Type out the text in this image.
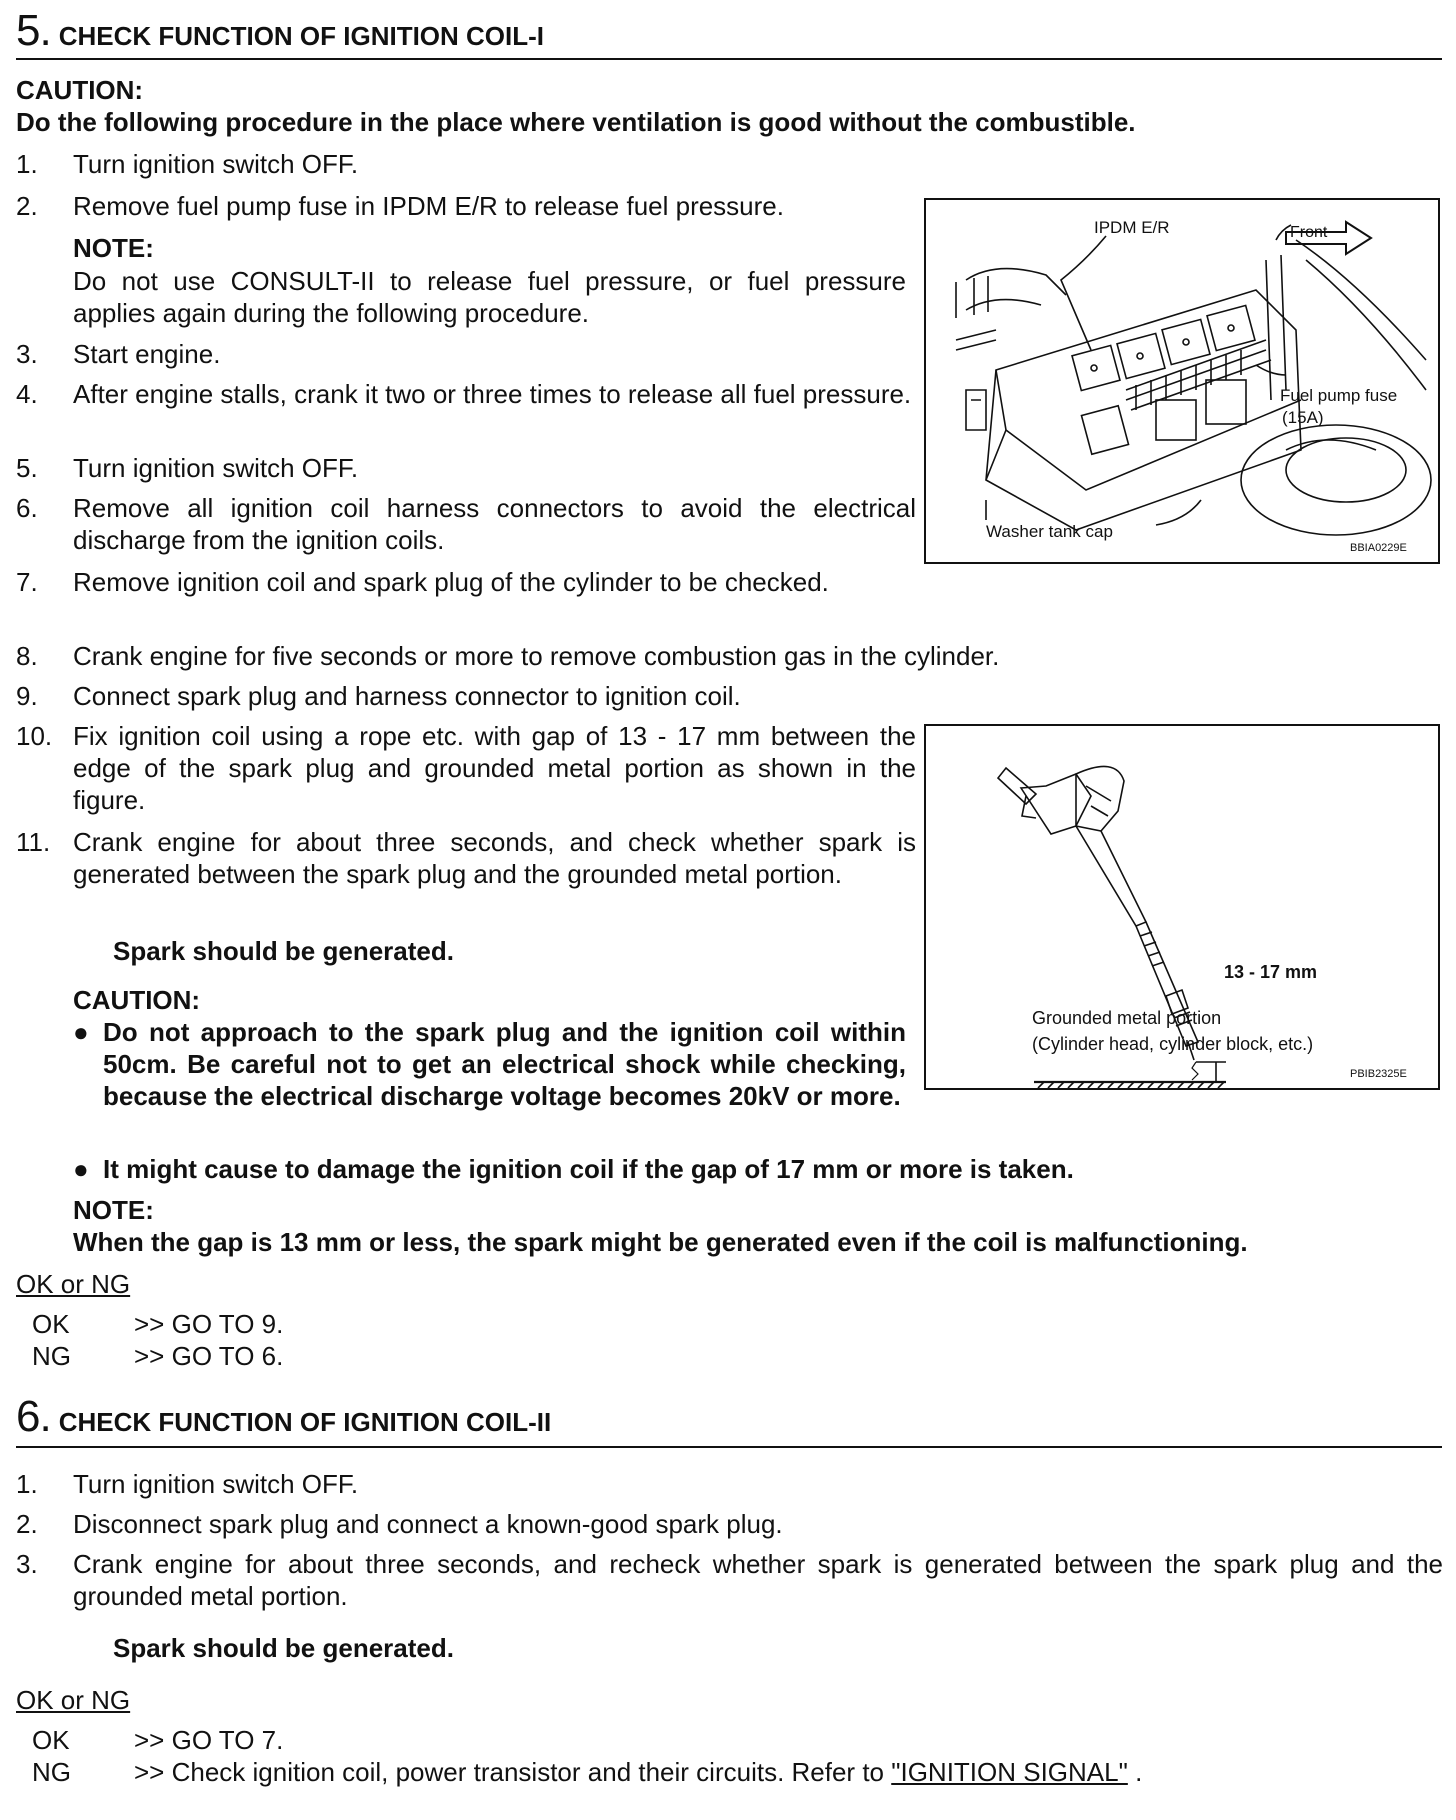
5. CHECK FUNCTION OF IGNITION COIL-I
CAUTION:
Do the following procedure in the place where ventilation is good without the combustible.
1. Turn ignition switch OFF.
2. Remove fuel pump fuse in IPDM E/R to release fuel pressure.
NOTE:
Do not use CONSULT-II to release fuel pressure, or fuel pressure applies again during the following procedure.
3. Start engine.
4. After engine stalls, crank it two or three times to release all fuel pressure.
5. Turn ignition switch OFF.
6. Remove all ignition coil harness connectors to avoid the electrical discharge from the ignition coils.
7. Remove ignition coil and spark plug of the cylinder to be checked.
8. Crank engine for five seconds or more to remove combustion gas in the cylinder.
9. Connect spark plug and harness connector to ignition coil.
10. Fix ignition coil using a rope etc. with gap of 13 - 17 mm between the edge of the spark plug and grounded metal portion as shown in the figure.
11. Crank engine for about three seconds, and check whether spark is generated between the spark plug and the grounded metal portion.
Spark should be generated.
CAUTION:
● Do not approach to the spark plug and the ignition coil within 50cm. Be careful not to get an electrical shock while checking, because the electrical discharge voltage becomes 20kV or more.
● It might cause to damage the ignition coil if the gap of 17 mm or more is taken.
NOTE:
When the gap is 13 mm or less, the spark might be generated even if the coil is malfunctioning.
OK or NG
OK >> GO TO 9.
NG >> GO TO 6.
IPDM E/R	Front
Fuel pump fuse
(15A)
Washer tank cap
BBIA0229E
13 - 17 mm
Grounded metal portion
(Cylinder head, cylinder block, etc.)
PBIB2325E
6. CHECK FUNCTION OF IGNITION COIL-II
1. Turn ignition switch OFF.
2. Disconnect spark plug and connect a known-good spark plug.
3. Crank engine for about three seconds, and recheck whether spark is generated between the spark plug and the grounded metal portion.
Spark should be generated.
OK or NG
OK >> GO TO 7.
NG >> Check ignition coil, power transistor and their circuits. Refer to "IGNITION SIGNAL" .
